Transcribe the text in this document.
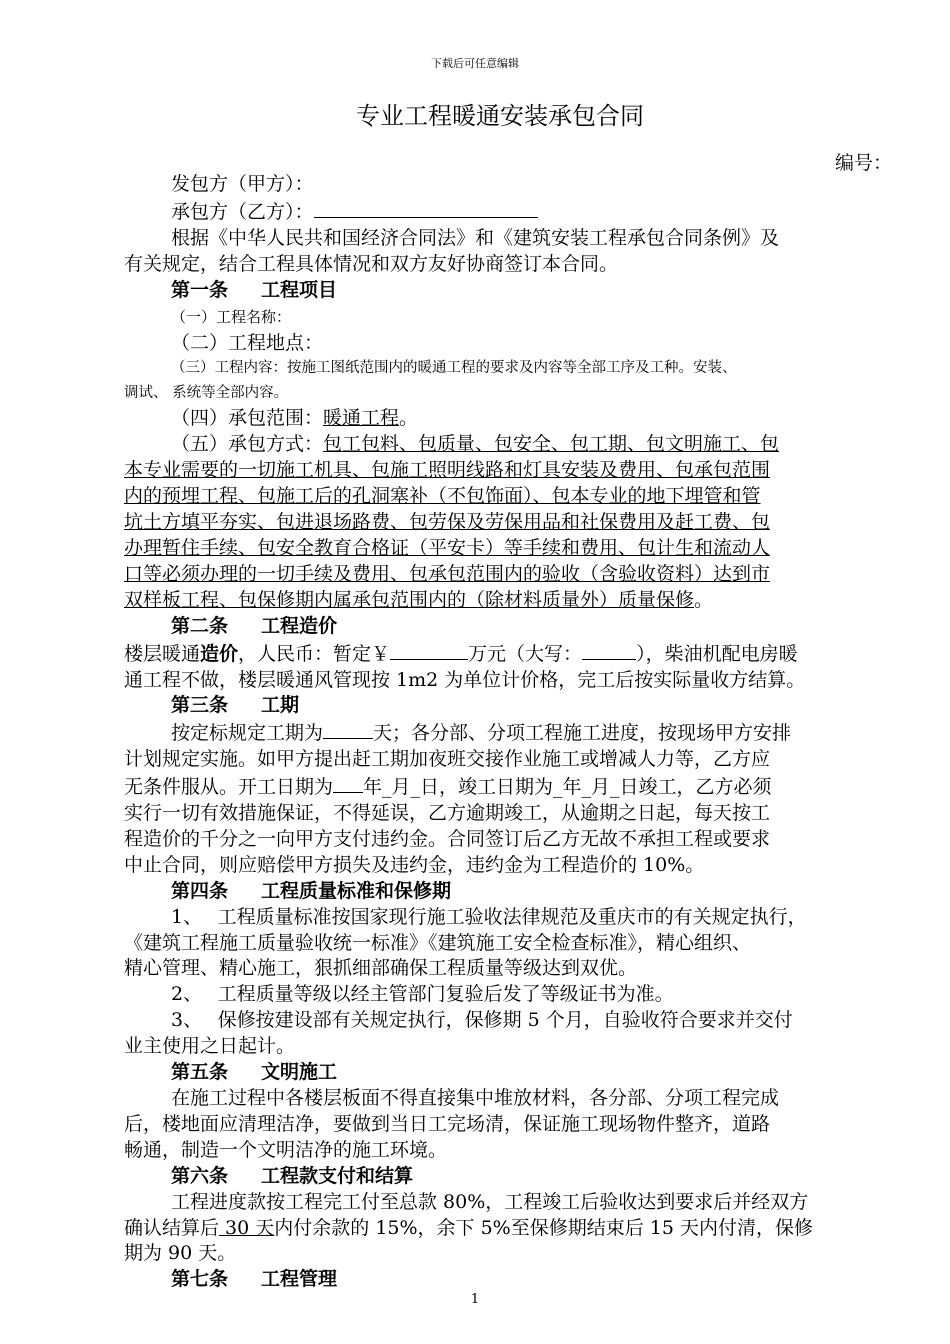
下载后可任意编辑
专业工程暖通安装承包合同
编号：

发包方（甲方）：

承包方（乙方）：

根据《中华人民共和国经济合同法》和《建筑安装工程承包合同条例》及

有关规定，结合工程具体情况和双方友好协商签订本合同。

第一条 工程项目

（一）工程名称：

（二）工程地点：

（三）工程内容：按施工图纸范围内的暖通工程的要求及内容等全部工序及工种。安装、

调试、 系统等全部内容。

（四）承包范围：暖通工程。

（五）承包方式：包工包料、包质量、包安全、包工期、包文明施工、包

本专业需要的一切施工机具、包施工照明线路和灯具安装及费用、包承包范围

内的预埋工程、包施工后的孔洞塞补（不包饰面）、包本专业的地下埋管和管

坑土方填平夯实、包进退场路费、包劳保及劳保用品和社保费用及赶工费、包

办理暂住手续、包安全教育合格证（平安卡）等手续和费用、包计生和流动人

口等必须办理的一切手续及费用、包承包范围内的验收（含验收资料）达到市

双样板工程、包保修期内属承包范围内的（除材料质量外）质量保修。

第二条 工程造价

楼层暖通造价，人民币：暂定￥	万元（大写：	），柴油机配电房暖

通工程不做，楼层暖通风管现按 1m2 为单位计价格，完工后按实际量收方结算。

第三条 工期

按定标规定工期为	天；各分部、分项工程施工进度，按现场甲方安排

计划规定实施。如甲方提出赶工期加夜班交接作业施工或增减人力等，乙方应

无条件服从。开工日期为 年_月_日，竣工日期为_年_月_日竣工，乙方必须

实行一切有效措施保证，不得延误，乙方逾期竣工，从逾期之日起，每天按工

程造价的千分之一向甲方支付违约金。合同签订后乙方无故不承担工程或要求

中止合同，则应赔偿甲方损失及违约金，违约金为工程造价的 10%。

第四条 工程质量标准和保修期

1、　 工程质量标准按国家现行施工验收法律规范及重庆市的有关规定执行，

《建筑工程施工质量验收统一标准》《建筑施工安全检查标准》，精心组织、

精心管理、精心施工，狠抓细部确保工程质量等级达到双优。

2、　 工程质量等级以经主管部门复验后发了等级证书为准。

3、　 保修按建设部有关规定执行，保修期 5 个月，自验收符合要求并交付

业主使用之日起计。

第五条 文明施工

在施工过程中各楼层板面不得直接集中堆放材料，各分部、分项工程完成

后，楼地面应清理洁净，要做到当日工完场清，保证施工现场物件整齐，道路

畅通，制造一个文明洁净的施工环境。

第六条 工程款支付和结算

工程进度款按工程完工付至总款 80%，工程竣工后验收达到要求后并经双方

确认结算后 30 天内付余款的 15%，余下 5%至保修期结束后 15 天内付清，保修

期为 90 天。

第七条 工程管理

1
